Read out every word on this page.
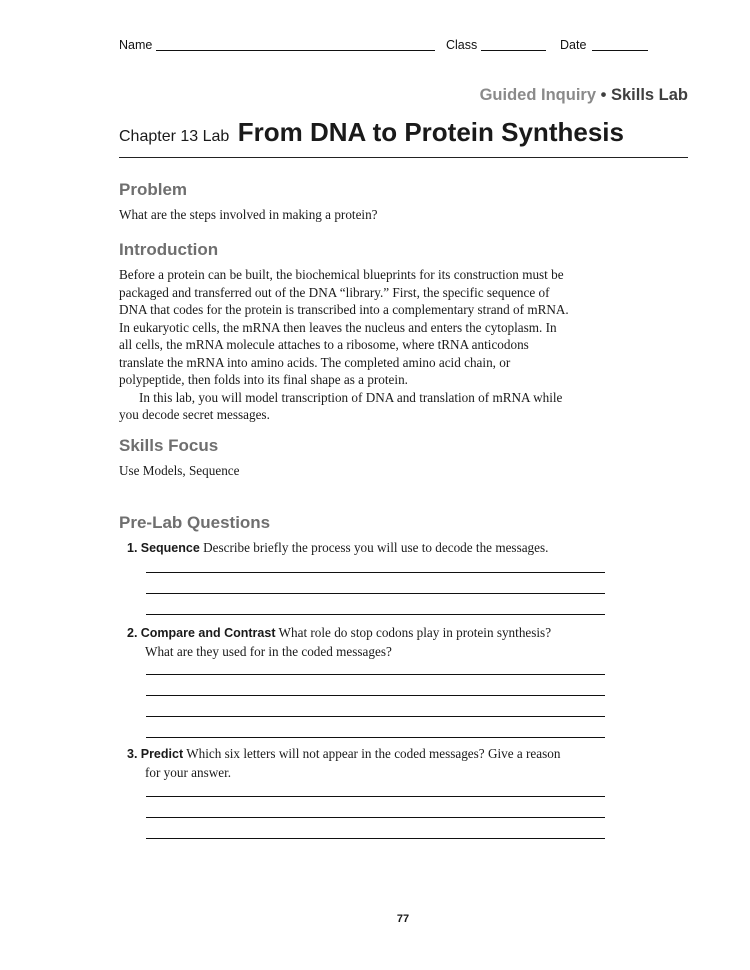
Name	Class	Date
Guided Inquiry • Skills Lab
Chapter 13 Lab From DNA to Protein Synthesis
Problem

What are the steps involved in making a protein?

Introduction

Before a protein can be built, the biochemical blueprints for its construction must be

packaged and transferred out of the DNA “library.” First, the specific sequence of

DNA that codes for the protein is transcribed into a complementary strand of mRNA.

In eukaryotic cells, the mRNA then leaves the nucleus and enters the cytoplasm. In

all cells, the mRNA molecule attaches to a ribosome, where tRNA anticodons

translate the mRNA into amino acids. The completed amino acid chain, or

polypeptide, then folds into its final shape as a protein.

In this lab, you will model transcription of DNA and translation of mRNA while

you decode secret messages.

Skills Focus

Use Models, Sequence

Pre-Lab Questions
1. Sequence Describe briefly the process you will use to decode the messages.
2. Compare and Contrast What role do stop codons play in protein synthesis?
What are they used for in the coded messages?
3. Predict Which six letters will not appear in the coded messages? Give a reason
for your answer.
77
